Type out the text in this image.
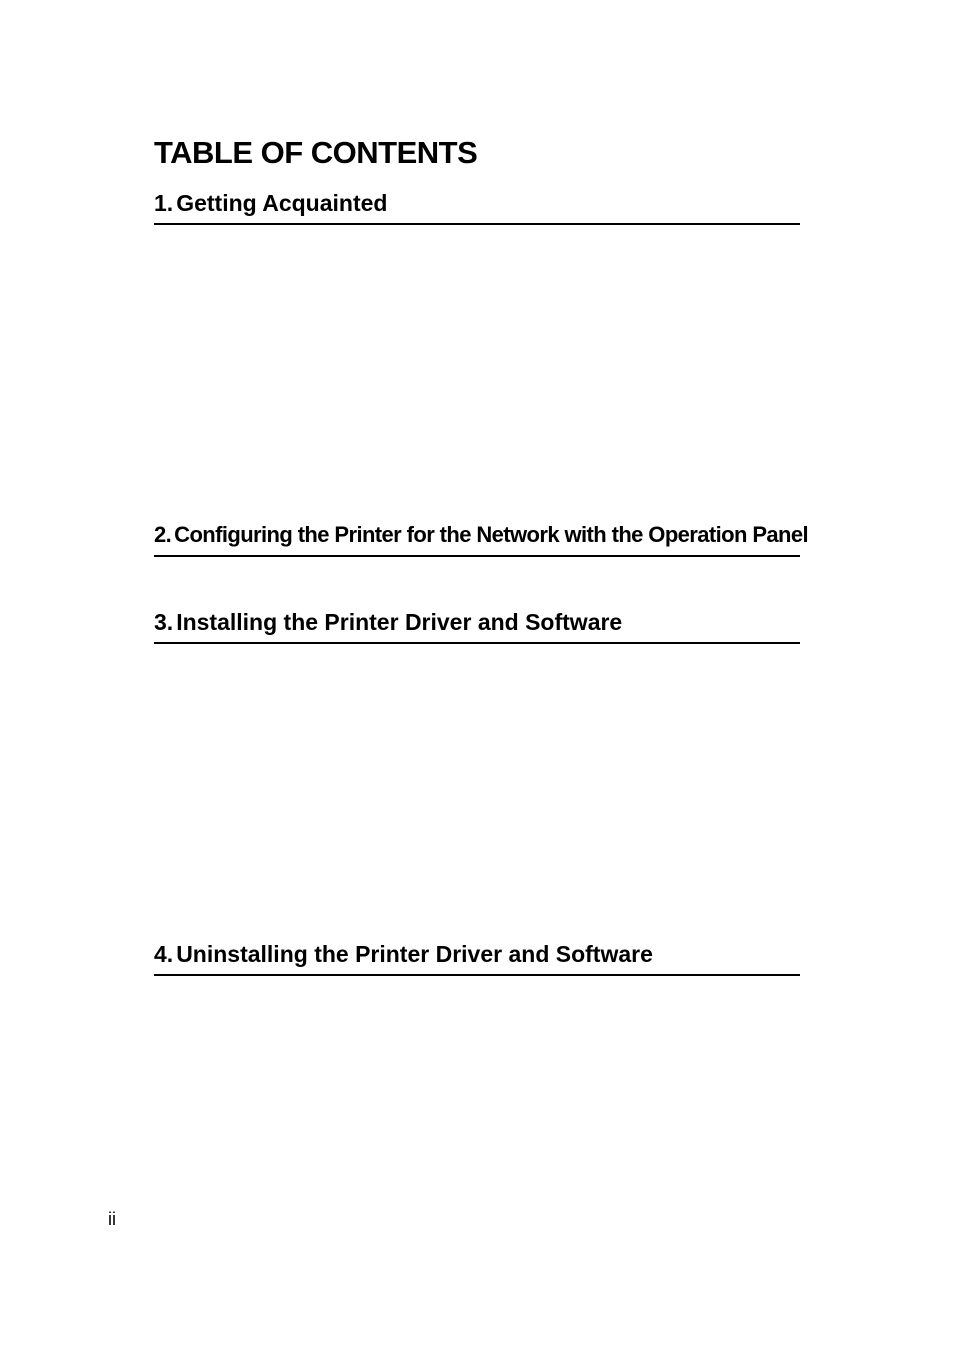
TABLE OF CONTENTS
1. Getting Acquainted
2. Configuring the Printer for the Network with the Operation Panel
3. Installing the Printer Driver and Software
4. Uninstalling the Printer Driver and Software

ii
